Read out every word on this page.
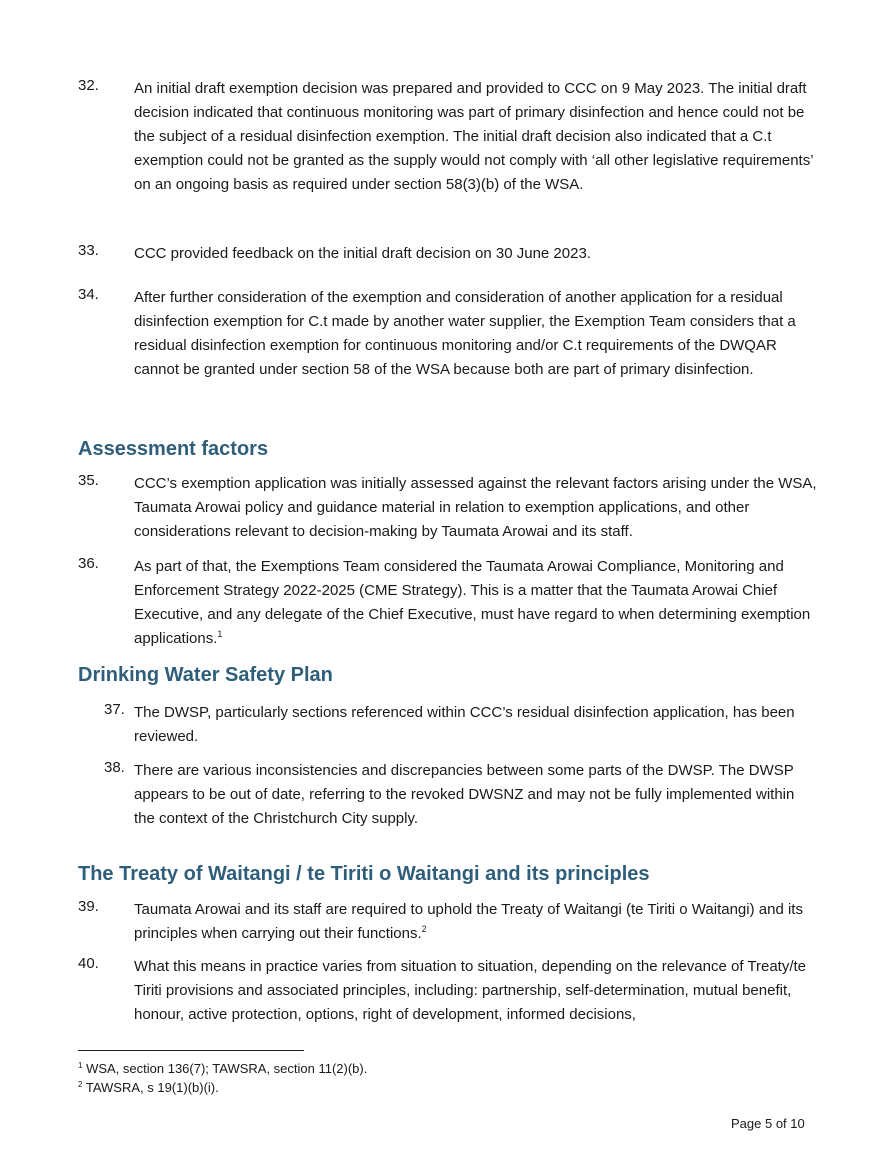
32. An initial draft exemption decision was prepared and provided to CCC on 9 May 2023. The initial draft decision indicated that continuous monitoring was part of primary disinfection and hence could not be the subject of a residual disinfection exemption. The initial draft decision also indicated that a C.t exemption could not be granted as the supply would not comply with ‘all other legislative requirements’ on an ongoing basis as required under section 58(3)(b) of the WSA.
33. CCC provided feedback on the initial draft decision on 30 June 2023.
34. After further consideration of the exemption and consideration of another application for a residual disinfection exemption for C.t made by another water supplier, the Exemption Team considers that a residual disinfection exemption for continuous monitoring and/or C.t requirements of the DWQAR cannot be granted under section 58 of the WSA because both are part of primary disinfection.
Assessment factors
35. CCC’s exemption application was initially assessed against the relevant factors arising under the WSA, Taumata Arowai policy and guidance material in relation to exemption applications, and other considerations relevant to decision-making by Taumata Arowai and its staff.
36. As part of that, the Exemptions Team considered the Taumata Arowai Compliance, Monitoring and Enforcement Strategy 2022-2025 (CME Strategy). This is a matter that the Taumata Arowai Chief Executive, and any delegate of the Chief Executive, must have regard to when determining exemption applications.$^1$
Drinking Water Safety Plan
37. The DWSP, particularly sections referenced within CCC’s residual disinfection application, has been reviewed.
38. There are various inconsistencies and discrepancies between some parts of the DWSP. The DWSP appears to be out of date, referring to the revoked DWSNZ and may not be fully implemented within the context of the Christchurch City supply.
The Treaty of Waitangi / te Tiriti o Waitangi and its principles
39. Taumata Arowai and its staff are required to uphold the Treaty of Waitangi (te Tiriti o Waitangi) and its principles when carrying out their functions.$^2$
40. What this means in practice varies from situation to situation, depending on the relevance of Treaty/te Tiriti provisions and associated principles, including: partnership, self-determination, mutual benefit, honour, active protection, options, right of development, informed decisions,
$^1$ WSA, section 136(7); TAWSRA, section 11(2)(b).
$^2$ TAWSRA, s 19(1)(b)(i).
Page 5 of 10
